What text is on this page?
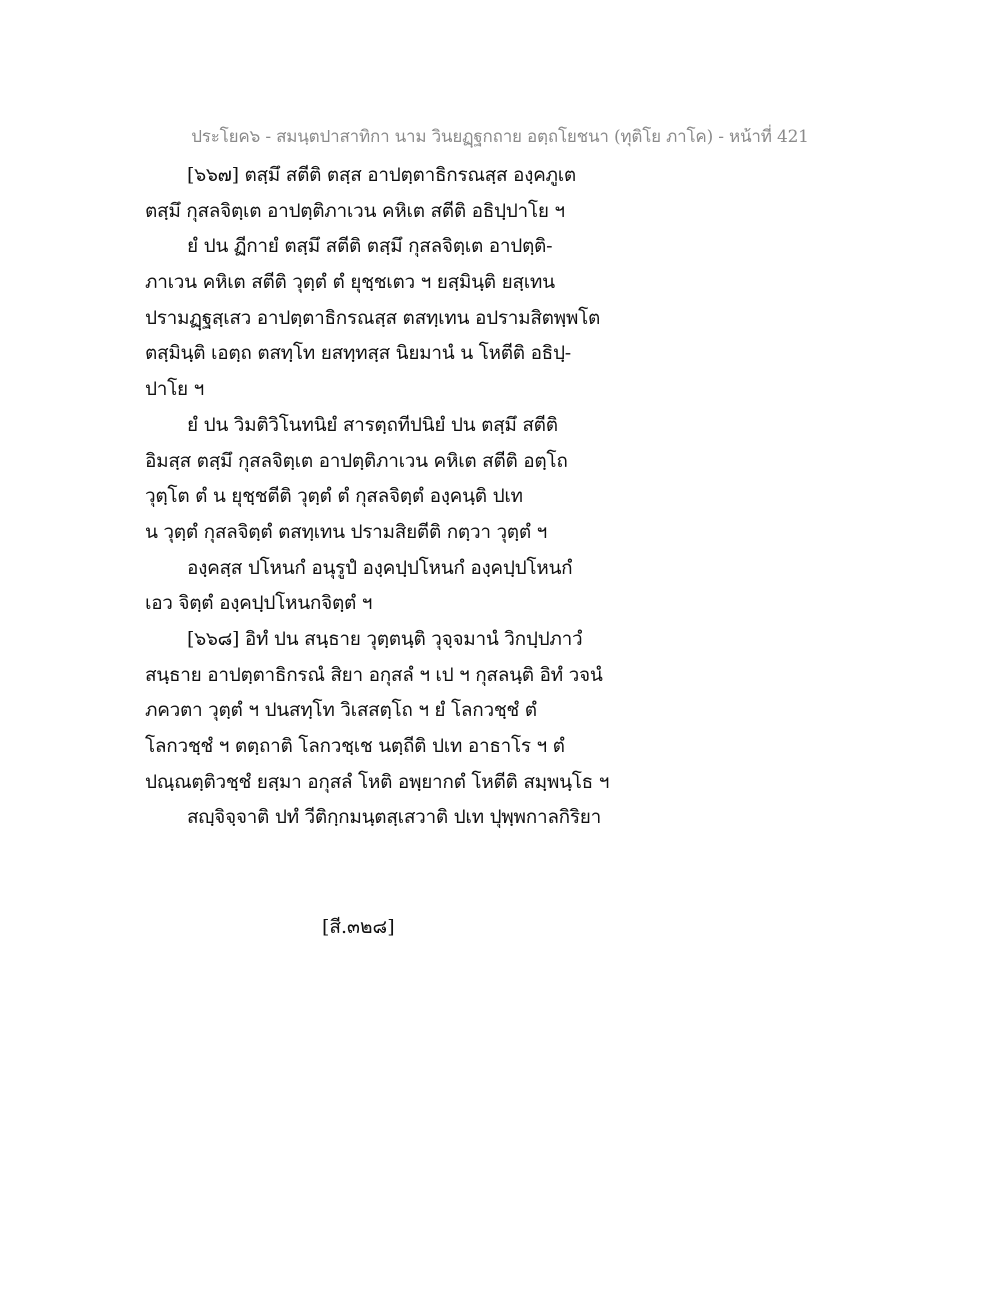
ประโยค๖ - สมนฺตปาสาทิกา นาม วินยฏฺฐกถาย อตฺถโยชนา (ทุติโย ภาโค) - หน้าที่ 421
[๖๖๗] ตสฺมึ สตีติ ตสฺส อาปตฺตาธิกรณสฺส องฺคภูเต
ตสฺมึ กุสลจิตฺเต อาปตฺติภาเวน คหิเต สตีติ อธิปฺปาโย ฯ
ยํ ปน ฏีกายํ ตสฺมึ สตีติ ตสฺมึ กุสลจิตฺเต อาปตฺติ-
ภาเวน คหิเต สตีติ วุตฺตํ ตํ ยุชฺชเตว ฯ ยสฺมินฺติ ยสฺเทน
ปรามฏฺฐสฺเสว อาปตฺตาธิกรณสฺส ตสทฺเทน อปรามสิตพฺพโต
ตสฺมินฺติ เอตฺถ ตสทฺโท ยสทฺทสฺส นิยมานํ น โหตีติ อธิปฺ-
ปาโย ฯ
ยํ ปน วิมติวิโนทนิยํ สารตฺถทีปนิยํ ปน ตสฺมึ สตีติ
อิมสฺส ตสฺมึ กุสลจิตฺเต อาปตฺติภาเวน คหิเต สตีติ อตฺโถ
วุตฺโต ตํ น ยุชฺชตีติ วุตฺตํ ตํ กุสลจิตฺตํ องฺคนฺติ ปเท
น วุตฺตํ กุสลจิตฺตํ ตสทฺเทน ปรามสิยตีติ กตฺวา วุตฺตํ ฯ
องฺคสฺส ปโหนกํ อนุรูปํ องฺคปฺปโหนกํ องฺคปฺปโหนกํ
เอว จิตฺตํ องฺคปฺปโหนกจิตฺตํ ฯ
[๖๖๘] อิทํ ปน สนฺธาย วุตฺตนฺติ วุจฺจมานํ วิกปฺปภาวํ
สนฺธาย อาปตฺตาธิกรณํ สิยา อกุสลํ ฯ เป ฯ กุสลนฺติ อิทํ วจนํ
ภควตา วุตฺตํ ฯ ปนสทฺโท วิเสสตฺโถ ฯ ยํ โลกวชฺชํ ตํ
โลกวชฺชํ ฯ ตตฺถาติ โลกวชฺเช นตฺถีติ ปเท อาธาโร ฯ ตํ
ปณฺณตฺติวชฺชํ ยสฺมา อกุสลํ โหติ อพฺยากตํ โหตีติ สมฺพนฺโธ ฯ
สญฺจิจฺจาติ ปทํ วีติกฺกมนฺตสฺเสวาติ ปเท ปุพฺพกาลกิริยา
[สี.๓๒๘]
